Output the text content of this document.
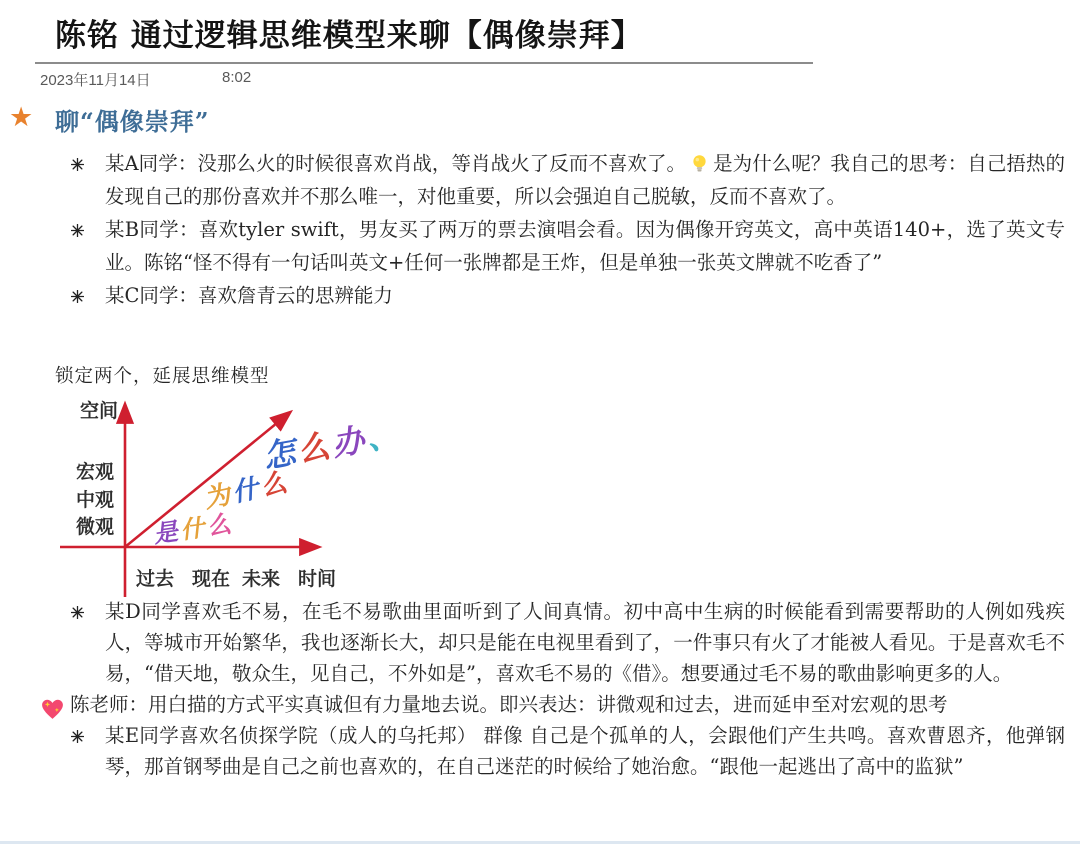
陈铭 通过逻辑思维模型来聊【偶像崇拜】
2023年11月14日	8:02
★ 聊“偶像崇拜”

某A同学：没那么火的时候很喜欢肖战，等肖战火了反而不喜欢了。 是为什么呢？我自己的思考：自己捂热的发现自己的那份喜欢并不那么唯一，对他重要，所以会强迫自己脱敏，反而不喜欢了。

某B同学：喜欢tyler swift，男友买了两万的票去演唱会看。因为偶像开窍英文，高中英语140+，选了英文专业。陈铭“怪不得有一句话叫英文+任何一张牌都是王炸，但是单独一张英文牌就不吃香了”

某C同学：喜欢詹青云的思辨能力

锁定两个，延展思维模型
空间
宏观
中观
微观
过去 现在 未来 时间
怎么办、
为什么
是什么

某D同学喜欢毛不易，在毛不易歌曲里面听到了人间真情。初中高中生病的时候能看到需要帮助的人例如残疾人，等城市开始繁华，我也逐渐长大，却只是能在电视里看到了，一件事只有火了才能被人看见。于是喜欢毛不易，“借天地，敬众生，见自己，不外如是”，喜欢毛不易的《借》。想要通过毛不易的歌曲影响更多的人。

陈老师：用白描的方式平实真诚但有力量地去说。即兴表达：讲微观和过去，进而延申至对宏观的思考

某E同学喜欢名侦探学院（成人的乌托邦） 群像 自己是个孤单的人，会跟他们产生共鸣。喜欢曹恩齐，他弹钢琴，那首钢琴曲是自己之前也喜欢的，在自己迷茫的时候给了她治愈。“跟他一起逃出了高中的监狱”
